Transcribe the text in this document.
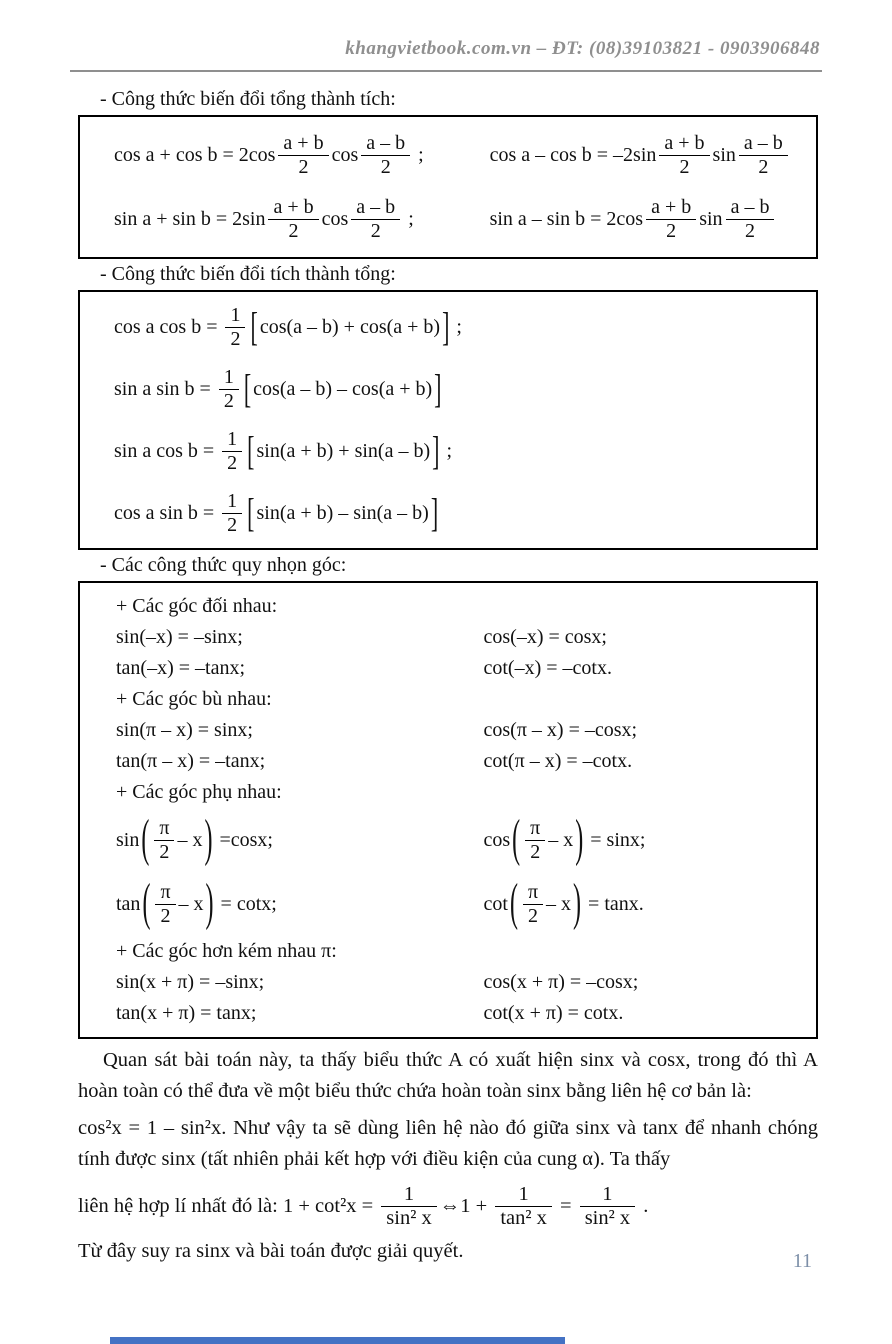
khangvietbook.com.vn – ĐT: (08)39103821 - 0903906848
- Công thức biến đổi tổng thành tích:
$\cos a + \cos b = 2\cos \frac{a + b}{2}$ $\cos \frac{a - b}{2}$ ;	$\cos a - \cos b = -2\sin \frac{a + b}{2}$ $\sin \frac{a - b}{2}$
$\sin a + \sin b = 2\sin \frac{a + b}{2}$ $\cos \frac{a - b}{2}$ ;	$\sin a - \sin b = 2\cos \frac{a + b}{2}$ $\sin \frac{a - b}{2}$
- Công thức biến đổi tích thành tổng:
cos a $\cos b = \frac{1}{2}$ [ cos(a – b) + cos(a + b) ] ;
sin a $\sin b = \frac{1}{2}$ [ cos(a – b) – cos(a + b) ]
sin a $\cos b = \frac{1}{2}$ [ sin(a + b) + sin(a – b) ] ;
cos a $\sin b = \frac{1}{2}$ [ sin(a + b) – sin(a – b) ]
- Các công thức quy nhọn góc:
+ Các góc đối nhau:
sin(–x) = –sinx;	cos(–x) = cosx;
tan(–x) = –tanx;	cot(–x) = –cotx.
+ Các góc bù nhau:
sin(π – x) = sinx;	cos(π – x) = –cosx;
tan(π – x) = –tanx;	cot(π – x) = –cotx.
+ Các góc phụ nhau:
sin ( $\frac{\pi}{2}$ – x ) =cosx;	cos ( $\frac{\pi}{2}$ – x ) = sinx;
tan ( $\frac{\pi}{2}$ – x ) = cotx;	cot ( $\frac{\pi}{2}$ – x ) = tanx.
+ Các góc hơn kém nhau π:
sin(x + π) = –sinx;	cos(x + π) = –cosx;
tan(x + π) = tanx;	cot(x + π) = cotx.

Quan sát bài toán này, ta thấy biểu thức A có xuất hiện sinx và cosx, trong đó thì A hoàn toàn có thể đưa về một biểu thức chứa hoàn toàn sinx bằng liên hệ cơ bản là:

cos²x = 1 – sin²x. Như vậy ta sẽ dùng liên hệ nào đó giữa sinx và tanx để nhanh chóng tính được sinx (tất nhiên phải kết hợp với điều kiện của cung α). Ta thấy

liên hệ hợp lí nhất đó là: $1 + \cot^2x = \frac{1}{\text{sin² x}}$ ⇔1 + $\frac{1}{\text{tan² x}} = \frac{1}{\text{sin² x}}$ .

Từ đây suy ra sinx và bài toán được giải quyết.	11
